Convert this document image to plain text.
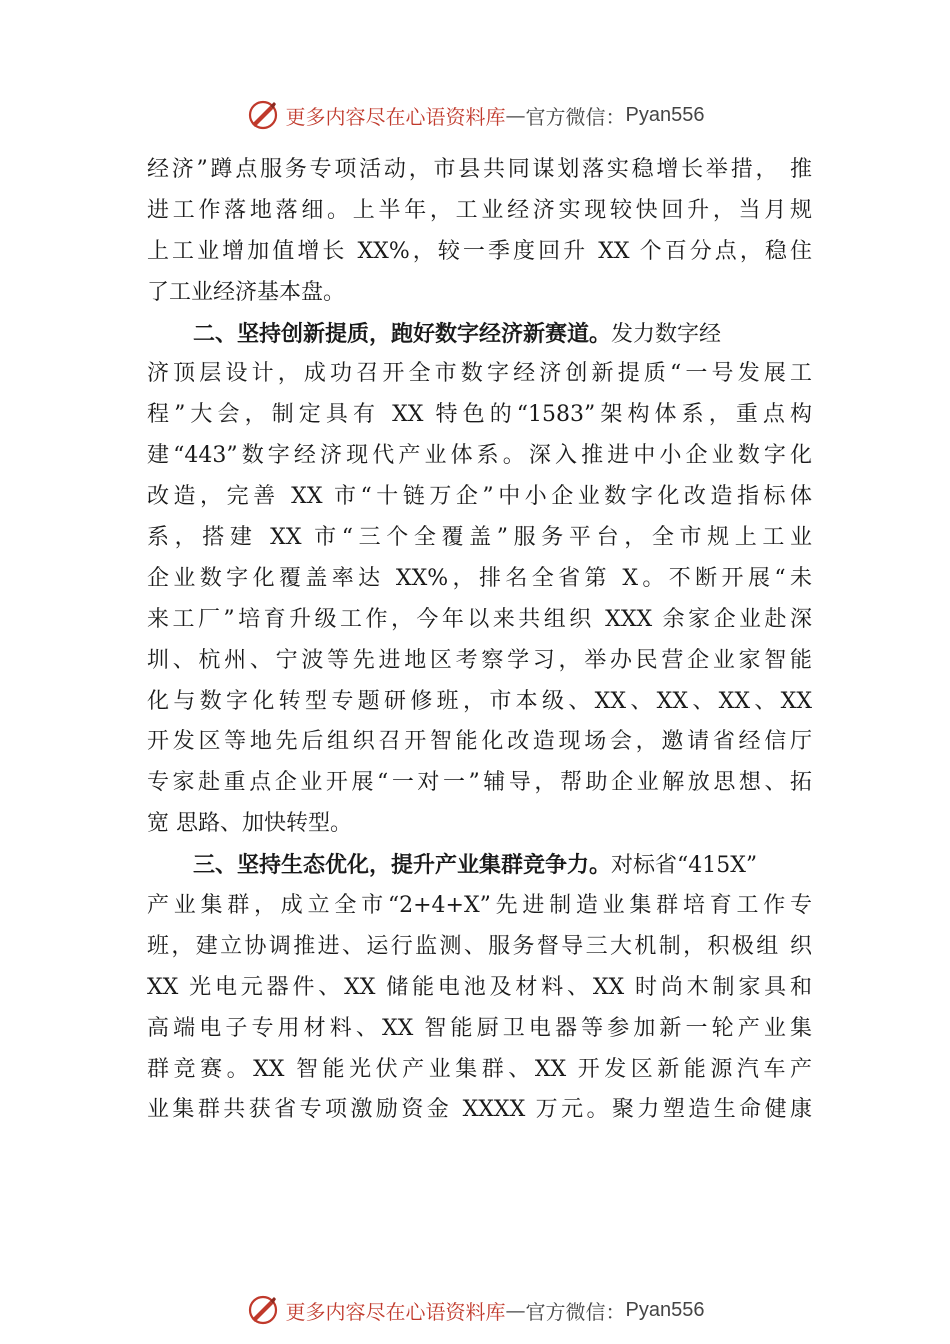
更多内容尽在心语资料库 — 官方微信： Pyan556
经济”蹲点服务专项活动，市县共同谋划落实稳增长举措， 推
进工作落地落细。上半年，工业经济实现较快回升，当月规
上工业增加值增长 XX%，较一季度回升 XX 个百分点，稳住
了工业经济基本盘。
二、坚持创新提质，跑好数字经济新赛道。发力数字经
济顶层设计，成功召开全市数字经济创新提质“一号发展工
程”大会，制定具有 XX 特色的“1583”架构体系，重点构
建“443”数字经济现代产业体系。深入推进中小企业数字化
改造，完善 XX 市“十链万企”中小企业数字化改造指标体
系，搭建 XX 市“三个全覆盖”服务平台，全市规上工业
企业数字化覆盖率达 XX%，排名全省第 X。不断开展“未
来工厂”培育升级工作，今年以来共组织 XXX 余家企业赴深
圳、杭州、宁波等先进地区考察学习，举办民营企业家智能
化与数字化转型专题研修班，市本级、XX、XX、XX、XX
开发区等地先后组织召开智能化改造现场会，邀请省经信厅
专家赴重点企业开展“一对一”辅导，帮助企业解放思想、拓
宽 思路、加快转型。
三、坚持生态优化，提升产业集群竞争力。对标省“415X”
产业集群，成立全市“2+4+X”先进制造业集群培育工作专
班，建立协调推进、运行监测、服务督导三大机制，积极组 织
XX 光电元器件、XX 储能电池及材料、XX 时尚木制家具和
高端电子专用材料、XX 智能厨卫电器等参加新一轮产业集
群竞赛。XX 智能光伏产业集群、XX 开发区新能源汽车产
业集群共获省专项激励资金 XXXX 万元。聚力塑造生命健康
更多内容尽在心语资料库 — 官方微信： Pyan556
